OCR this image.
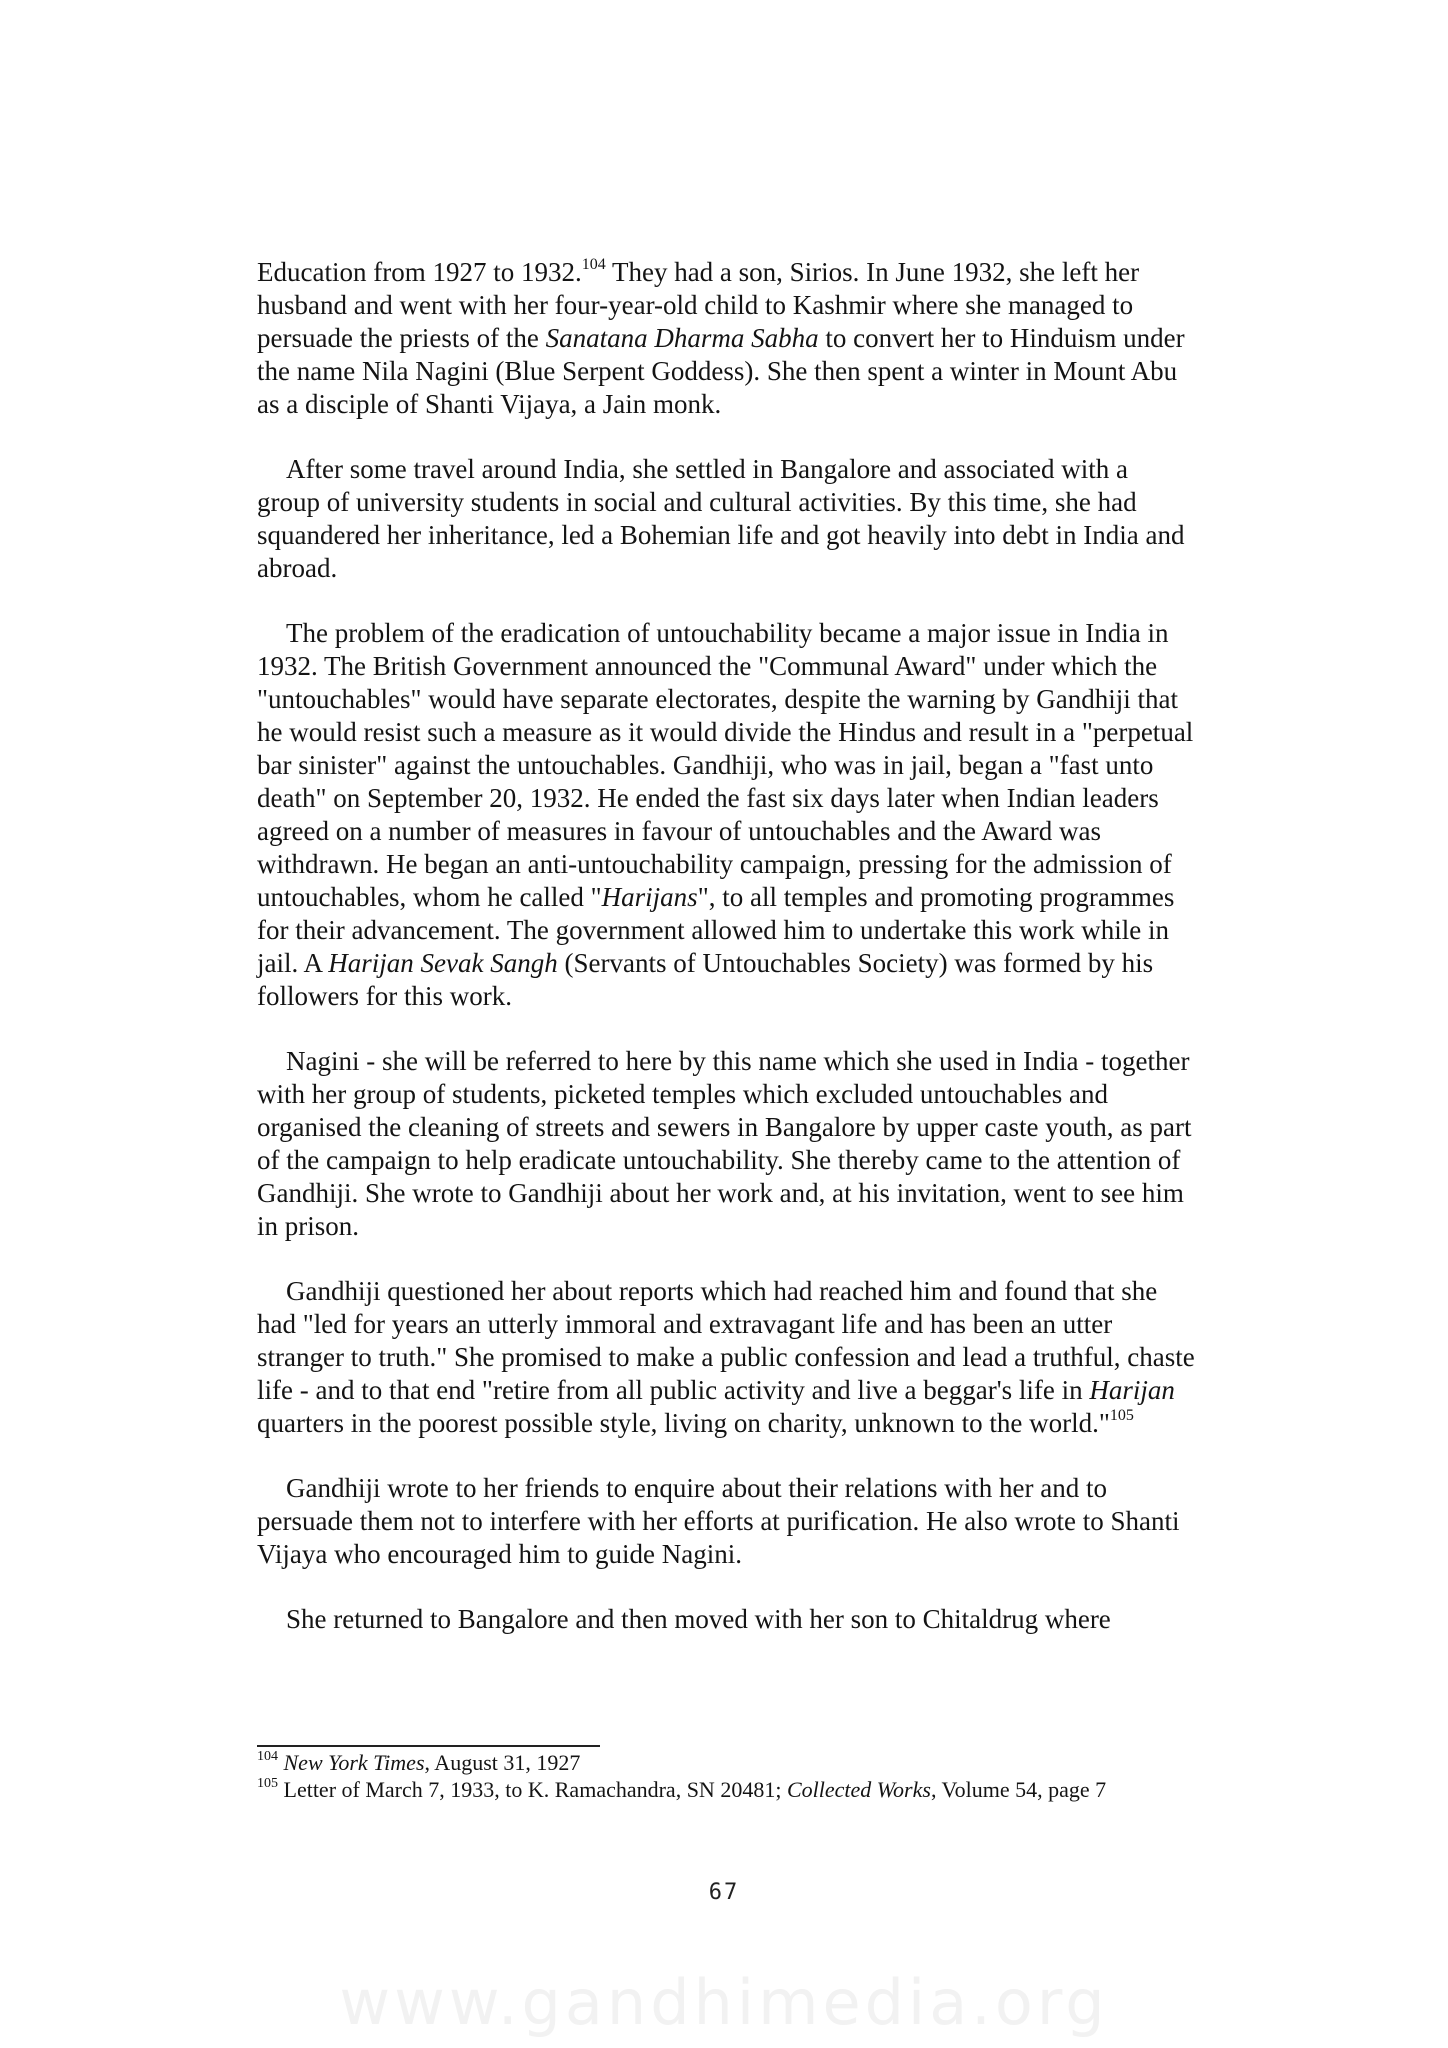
Education from 1927 to 1932.$^{104}$ They had a son, Sirios. In June 1932, she left her husband and went with her four-year-old child to Kashmir where she managed to persuade the priests of the Sanatana Dharma Sabha to convert her to Hinduism under the name Nila Nagini (Blue Serpent Goddess). She then spent a winter in Mount Abu as a disciple of Shanti Vijaya, a Jain monk.

After some travel around India, she settled in Bangalore and associated with a group of university students in social and cultural activities. By this time, she had squandered her inheritance, led a Bohemian life and got heavily into debt in India and abroad.

The problem of the eradication of untouchability became a major issue in India in 1932. The British Government announced the "Communal Award" under which the "untouchables" would have separate electorates, despite the warning by Gandhiji that he would resist such a measure as it would divide the Hindus and result in a "perpetual bar sinister" against the untouchables. Gandhiji, who was in jail, began a "fast unto death" on September 20, 1932. He ended the fast six days later when Indian leaders agreed on a number of measures in favour of untouchables and the Award was withdrawn. He began an anti-untouchability campaign, pressing for the admission of untouchables, whom he called "Harijans", to all temples and promoting programmes for their advancement. The government allowed him to undertake this work while in jail. A Harijan Sevak Sangh (Servants of Untouchables Society) was formed by his followers for this work.

Nagini - she will be referred to here by this name which she used in India - together with her group of students, picketed temples which excluded untouchables and organised the cleaning of streets and sewers in Bangalore by upper caste youth, as part of the campaign to help eradicate untouchability. She thereby came to the attention of Gandhiji. She wrote to Gandhiji about her work and, at his invitation, went to see him in prison.

Gandhiji questioned her about reports which had reached him and found that she had "led for years an utterly immoral and extravagant life and has been an utter stranger to truth." She promised to make a public confession and lead a truthful, chaste life - and to that end "retire from all public activity and live a beggar's life in Harijan quarters in the poorest possible style, living on charity, unknown to the world."$^{105}$

Gandhiji wrote to her friends to enquire about their relations with her and to persuade them not to interfere with her efforts at purification. He also wrote to Shanti Vijaya who encouraged him to guide Nagini.

She returned to Bangalore and then moved with her son to Chitaldrug where

$^{104}$ New York Times, August 31, 1927

$^{105}$ Letter of March 7, 1933, to K. Ramachandra, SN 20481; Collected Works, Volume 54, page 7

67
www.gandhimedia.org
